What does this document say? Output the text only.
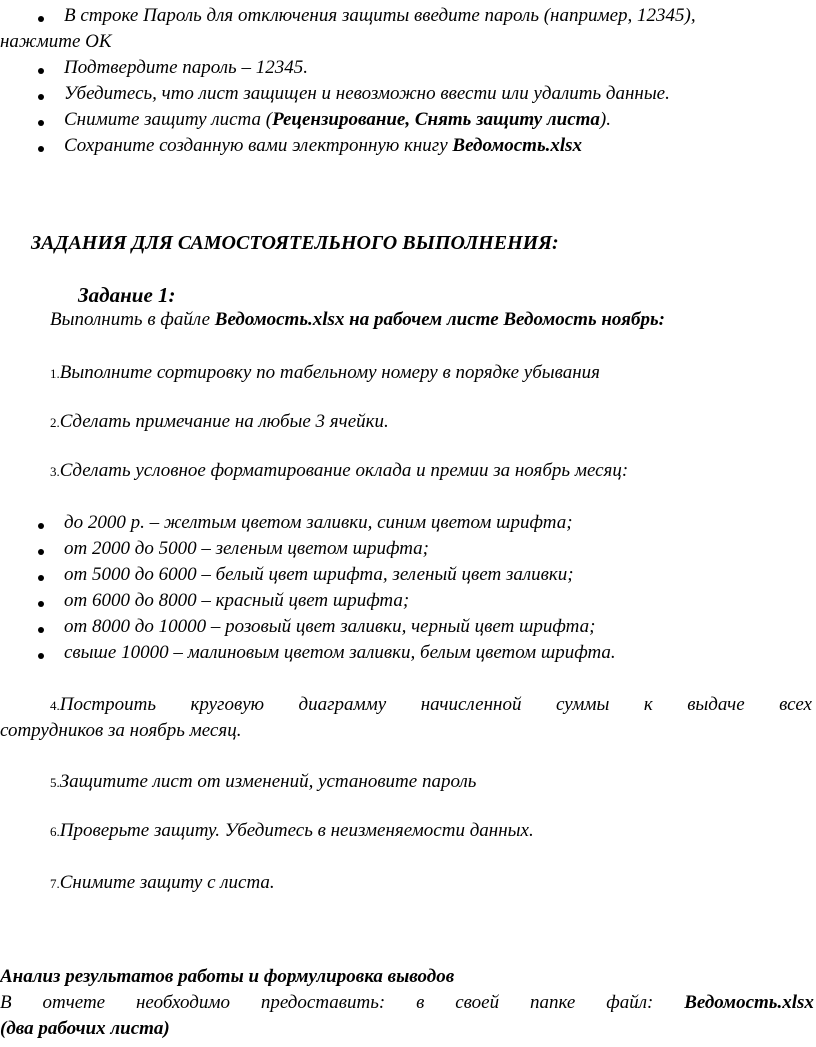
В строке Пароль для отключения защиты введите пароль (например, 12345),
нажмите ОК
Подтвердите пароль – 12345.
Убедитесь, что лист защищен и невозможно ввести или удалить данные.
Снимите защиту листа (Рецензирование, Снять защиту листа).
Сохраните созданную вами электронную книгу Ведомость.xlsx
ЗАДАНИЯ ДЛЯ САМОСТОЯТЕЛЬНОГО ВЫПОЛНЕНИЯ:
Задание 1:
Выполнить в файле Ведомость.xlsx на рабочем листе Ведомость ноябрь:
1.Выполните сортировку по табельному номеру в порядке убывания
2.Сделать примечание на любые 3 ячейки.
3.Сделать условное форматирование оклада и премии за ноябрь месяц:
до 2000 р. – желтым цветом заливки, синим цветом шрифта;
от 2000 до 5000 – зеленым цветом шрифта;
от 5000 до 6000 – белый цвет шрифта, зеленый цвет заливки;
от 6000 до 8000 – красный цвет шрифта;
от 8000 до 10000 – розовый цвет заливки, черный цвет шрифта;
свыше 10000 – малиновым цветом заливки, белым цветом шрифта.
4.Построить круговую диаграмму начисленной суммы к выдаче всех
сотрудников за ноябрь месяц.
5.Защитите лист от изменений, установите пароль
6.Проверьте защиту. Убедитесь в неизменяемости данных.
7.Снимите защиту с листа.
Анализ результатов работы и формулировка выводов
В отчете необходимо предоставить: в своей папке файл: Ведомость.xlsx
(два рабочих листа)
